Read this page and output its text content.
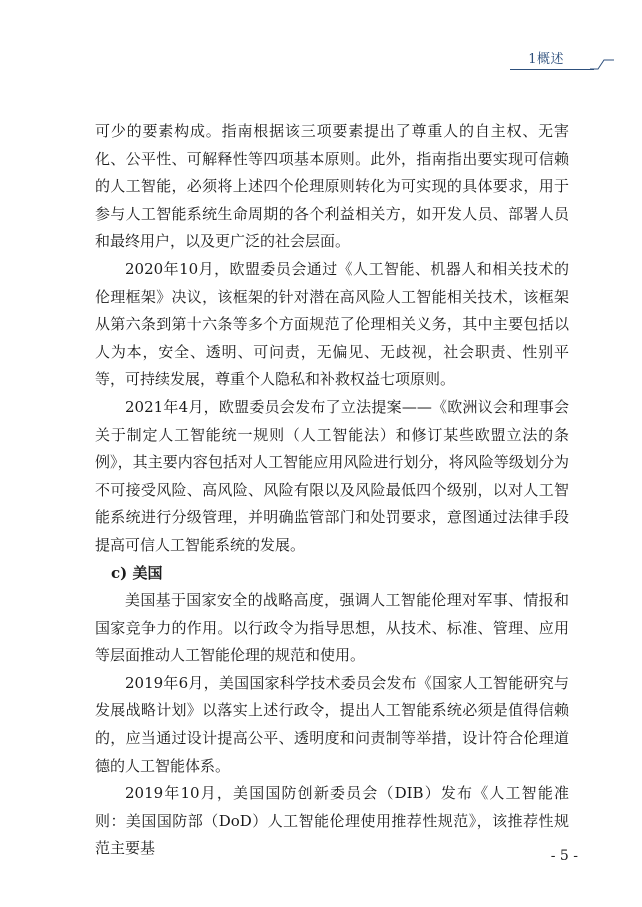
1概述

可少的要素构成。指南根据该三项要素提出了尊重人的自主权、无害化、公平性、可解释性等四项基本原则。此外，指南指出要实现可信赖的人工智能，必须将上述四个伦理原则转化为可实现的具体要求，用于参与人工智能系统生命周期的各个利益相关方，如开发人员、部署人员和最终用户，以及更广泛的社会层面。

2020年10月，欧盟委员会通过《人工智能、机器人和相关技术的伦理框架》决议，该框架的针对潜在高风险人工智能相关技术，该框架从第六条到第十六条等多个方面规范了伦理相关义务，其中主要包括以人为本，安全、透明、可问责，无偏见、无歧视，社会职责、性别平等，可持续发展，尊重个人隐私和补救权益七项原则。

2021年4月，欧盟委员会发布了立法提案——《欧洲议会和理事会关于制定人工智能统一规则（人工智能法）和修订某些欧盟立法的条例》，其主要内容包括对人工智能应用风险进行划分，将风险等级划分为不可接受风险、高风险、风险有限以及风险最低四个级别，以对人工智能系统进行分级管理，并明确监管部门和处罚要求，意图通过法律手段提高可信人工智能系统的发展。

c) 美国

美国基于国家安全的战略高度，强调人工智能伦理对军事、情报和国家竞争力的作用。以行政令为指导思想，从技术、标准、管理、应用等层面推动人工智能伦理的规范和使用。

2019年6月，美国国家科学技术委员会发布《国家人工智能研究与发展战略计划》以落实上述行政令，提出人工智能系统必须是值得信赖的，应当通过设计提高公平、透明度和问责制等举措，设计符合伦理道德的人工智能体系。

2019年10月，美国国防创新委员会（DIB）发布《人工智能准则：美国国防部（DoD）人工智能伦理使用推荐性规范》，该推荐性规范主要基	- 5 -
